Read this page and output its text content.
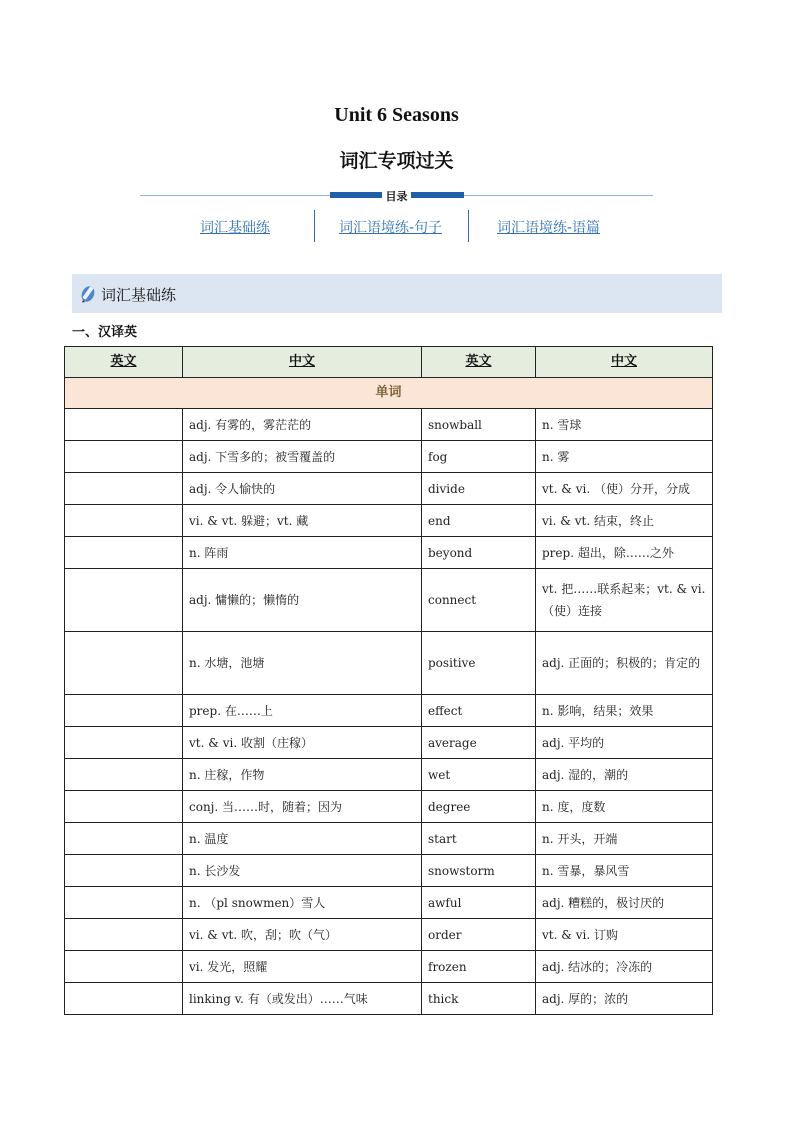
Unit 6 Seasons
词汇专项过关
目录
词汇基础练	词汇语境练-句子	词汇语境练-语篇
词汇基础练
一、汉译英
英文	中文	英文	中文
单词			
	adj. 有雾的，雾茫茫的	snowball	n. 雪球
	adj. 下雪多的；被雪覆盖的	fog	n. 雾
	adj. 令人愉快的	divide	vt. & vi. （使）分开，分成
	vi. & vt. 躲避；vt. 藏	end	vi. & vt. 结束，终止
	n. 阵雨	beyond	prep. 超出，除……之外
	adj. 慵懒的；懒惰的	connect	vt. 把……联系起来；vt. & vi. （使）连接
	n. 水塘，池塘	positive	adj. 正面的；积极的；肯定的
	prep. 在……上	effect	n. 影响，结果；效果
	vt. & vi. 收割（庄稼）	average	adj. 平均的
	n. 庄稼，作物	wet	adj. 湿的，潮的
	conj. 当……时，随着；因为	degree	n. 度，度数
	n. 温度	start	n. 开头，开端
	n. 长沙发	snowstorm	n. 雪暴，暴风雪
	n. （pl snowmen）雪人	awful	adj. 糟糕的，极讨厌的
	vi. & vt. 吹，刮；吹（气）	order	vt. & vi. 订购
	vi. 发光，照耀	frozen	adj. 结冰的；冷冻的
	linking v. 有（或发出）……气味	thick	adj. 厚的；浓的
